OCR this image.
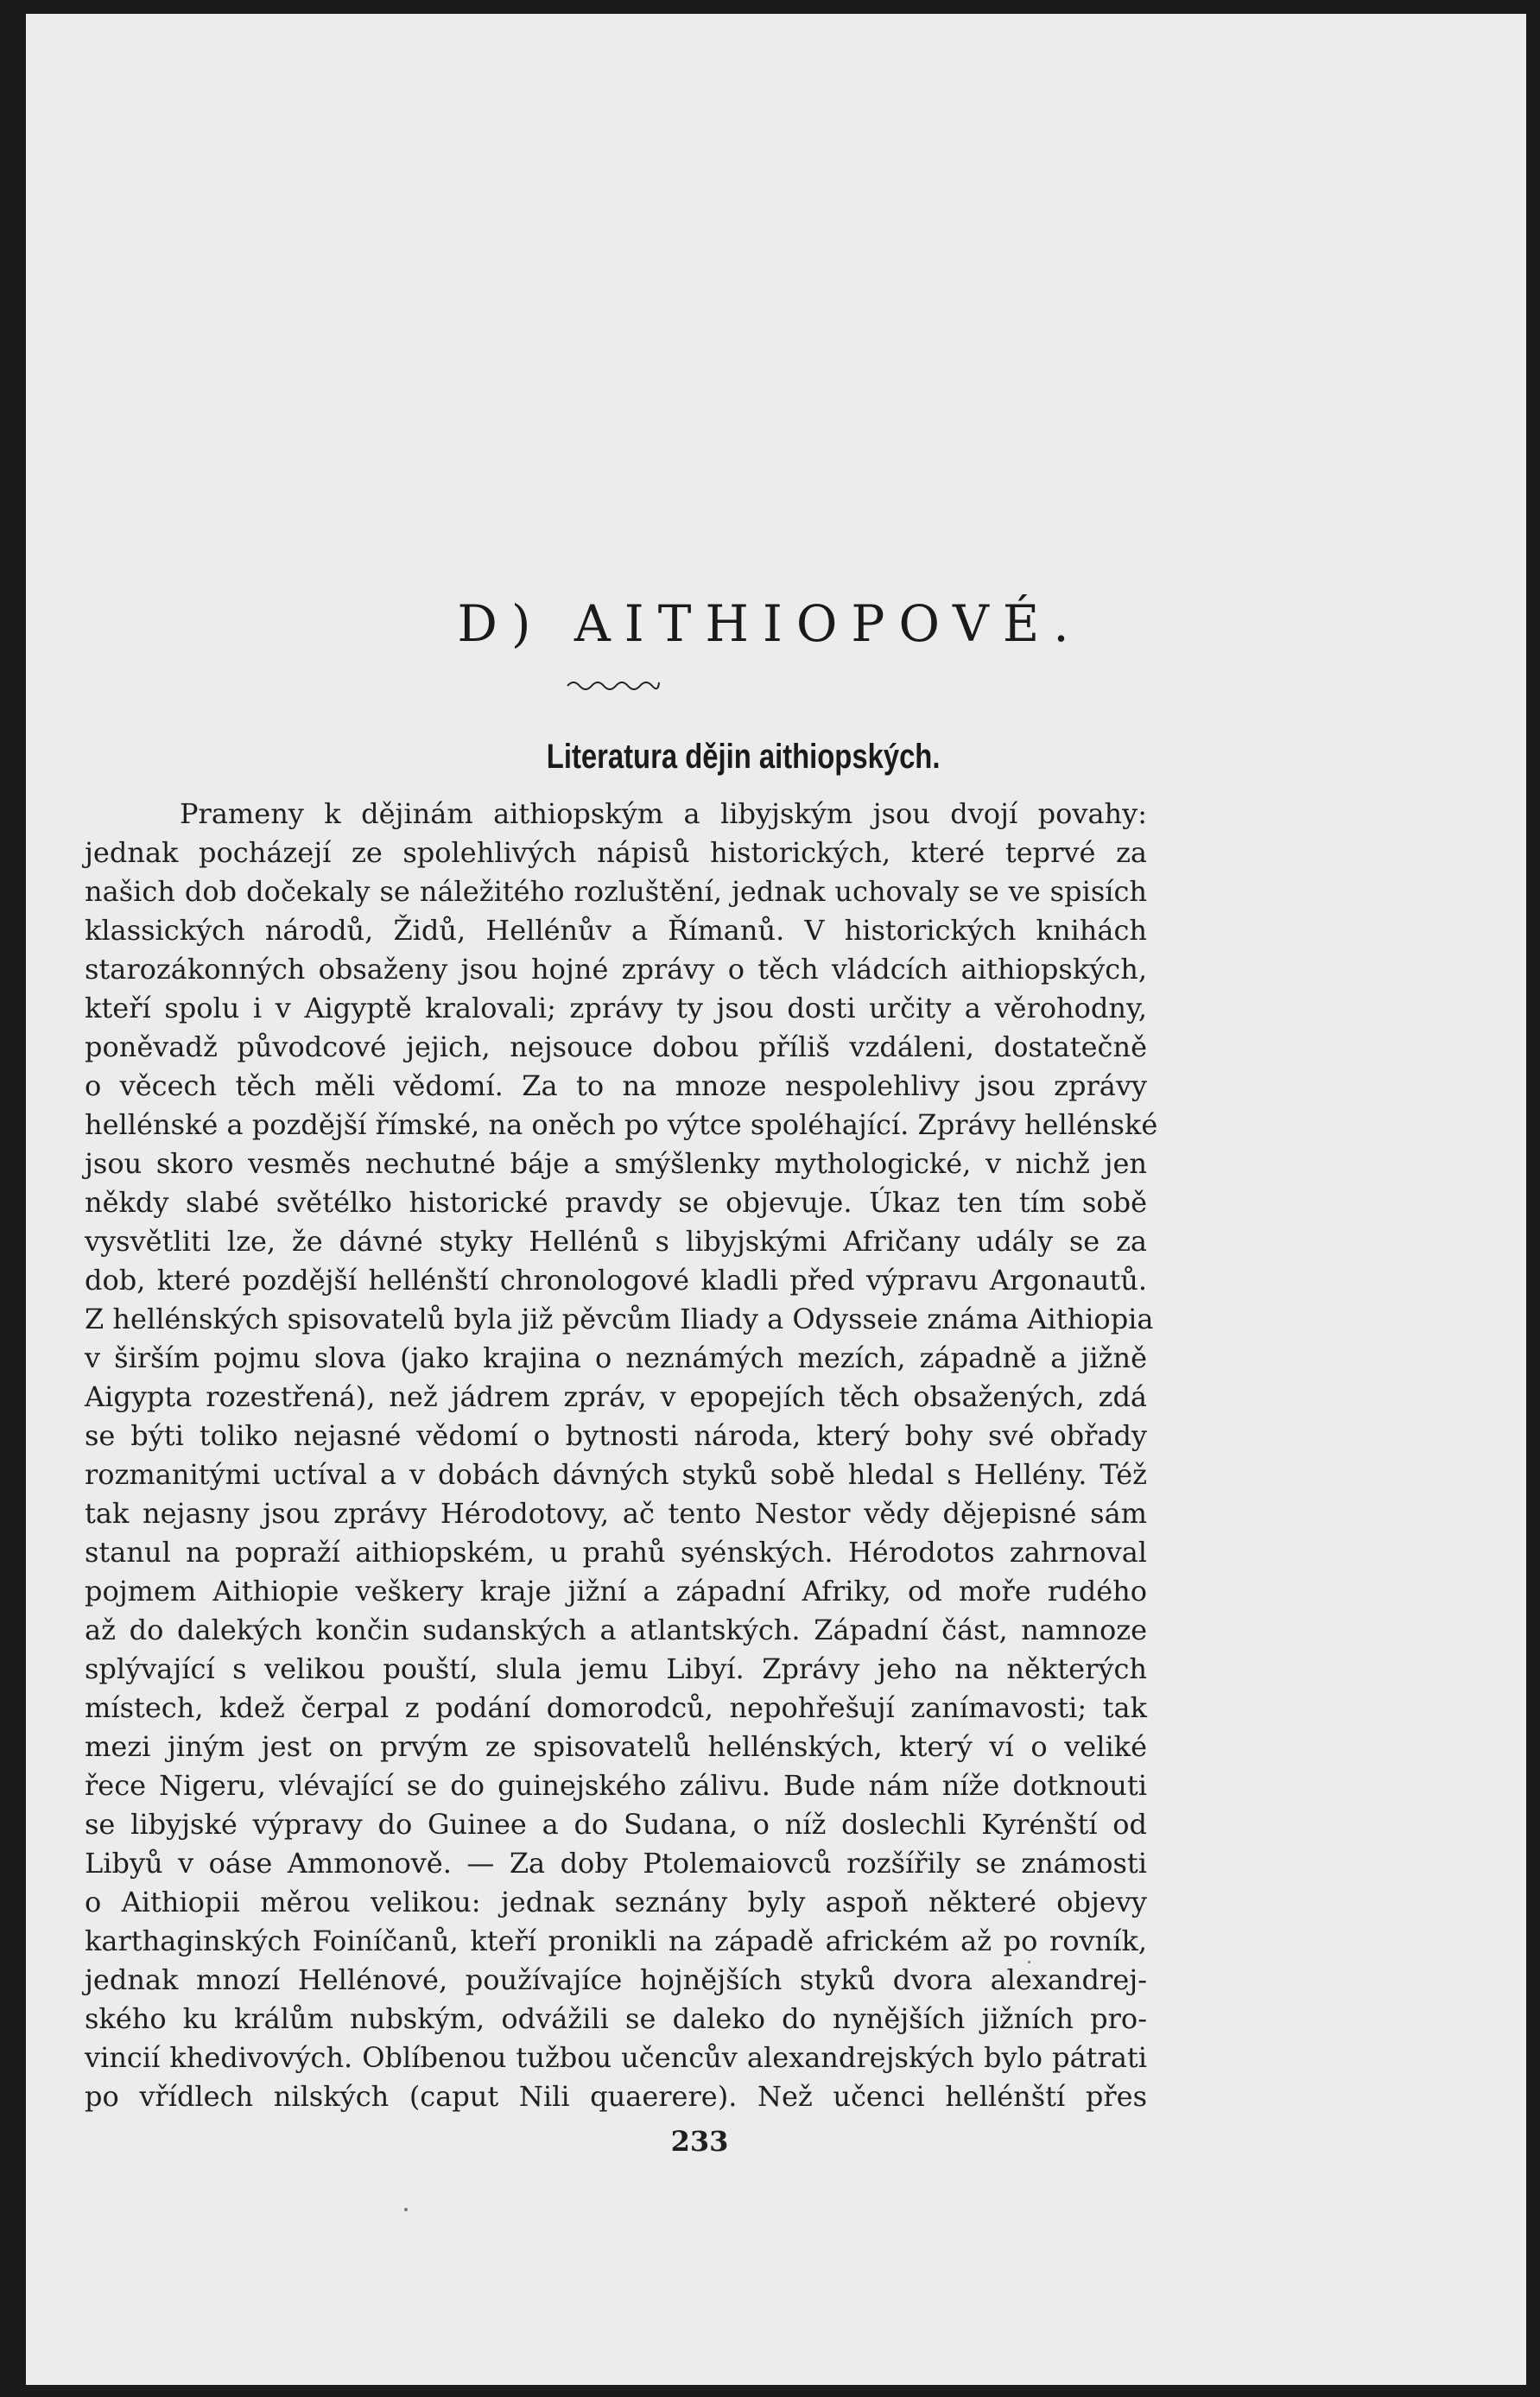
D) AITHIOPOVÉ.
Literatura dějin aithiopských.
Prameny k dějinám aithiopským a libyjským jsou dvojí povahy:
jednak pocházejí ze spolehlivých nápisů historických, které teprvé za
našich dob dočekaly se náležitého rozluštění, jednak uchovaly se ve spisích
klassických národů, Židů, Hellénův a Římanů. V historických knihách
starozákonných obsaženy jsou hojné zprávy o těch vládcích aithiopských,
kteří spolu i v Aigyptě kralovali; zprávy ty jsou dosti určity a věrohodny,
poněvadž původcové jejich, nejsouce dobou příliš vzdáleni, dostatečně
o věcech těch měli vědomí. Za to na mnoze nespolehlivy jsou zprávy
hellénské a pozdější římské, na oněch po výtce spoléhající. Zprávy hellénské
jsou skoro vesměs nechutné báje a smýšlenky mythologické, v nichž jen
někdy slabé světélko historické pravdy se objevuje. Úkaz ten tím sobě
vysvětliti lze, že dávné styky Hellénů s libyjskými Afričany udály se za
dob, které pozdější hellénští chronologové kladli před výpravu Argonautů.
Z hellénských spisovatelů byla již pěvcům Iliady a Odysseie známa Aithiopia
v širším pojmu slova (jako krajina o neznámých mezích, západně a jižně
Aigypta rozestřená), než jádrem zpráv, v epopejích těch obsažených, zdá
se býti toliko nejasné vědomí o bytnosti národa, který bohy své obřady
rozmanitými uctíval a v dobách dávných styků sobě hledal s Hellény. Též
tak nejasny jsou zprávy Hérodotovy, ač tento Nestor vědy dějepisné sám
stanul na popraží aithiopském, u prahů syénských. Hérodotos zahrnoval
pojmem Aithiopie veškery kraje jižní a západní Afriky, od moře rudého
až do dalekých končin sudanských a atlantských. Západní část, namnoze
splývající s velikou pouští, slula jemu Libyí. Zprávy jeho na některých
místech, kdež čerpal z podání domorodců, nepohřešují zanímavosti; tak
mezi jiným jest on prvým ze spisovatelů hellénských, který ví o veliké
řece Nigeru, vlévající se do guinejského zálivu. Bude nám níže dotknouti
se libyjské výpravy do Guinee a do Sudana, o níž doslechli Kyrénští od
Libyů v oáse Ammonově. — Za doby Ptolemaiovců rozšířily se známosti
o Aithiopii měrou velikou: jednak seznány byly aspoň některé objevy
karthaginských Foiníčanů, kteří pronikli na západě africkém až po rovník,
jednak mnozí Hellénové, používajíce hojnějších styků dvora alexandrej-
ského ku králům nubským, odvážili se daleko do nynějších jižních pro-
vincií khedivových. Oblíbenou tužbou učencův alexandrejských bylo pátrati
po vřídlech nilských (caput Nili quaerere). Než učenci hellénští přes
233
